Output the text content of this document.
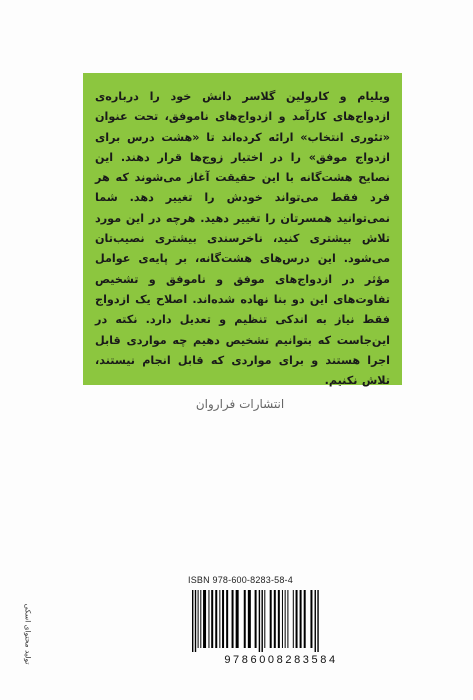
ویلیام و کارولین گلاسر دانش خود را درباره‌ی ازدواج‌های کارآمد و ازدواج‌های ناموفق، تحت عنوان «تئوری انتخاب» ارائه کرده‌اند تا «هشت درس برای ازدواج موفق» را در اختیار زوج‌ها قرار دهند. این نصایح هشت‌گانه با این حقیقت آغاز می‌شوند که هر فرد فقط می‌تواند خودش را تغییر دهد. شما نمی‌توانید همسرتان را تغییر دهید. هرچه در این مورد تلاش بیشتری کنید، ناخرسندی بیشتری نصیب‌تان می‌شود. این درس‌های هشت‌گانه، بر پایه‌ی عوامل مؤثر در ازدواج‌های موفق و ناموفق و تشخیص تفاوت‌های این دو بنا نهاده شده‌اند. اصلاح یک ازدواج فقط نیاز به اندکی تنظیم و تعدیل دارد. نکته در این‌جاست که بتوانیم تشخیص دهیم چه مواردی قابل اجرا هستند و برای مواردی که قابل انجام نیستند، تلاش نکنیم.

انتشارات فراروان
ISBN 978-600-8283-58-4
9786008283584
تولید محتوای اسکی
